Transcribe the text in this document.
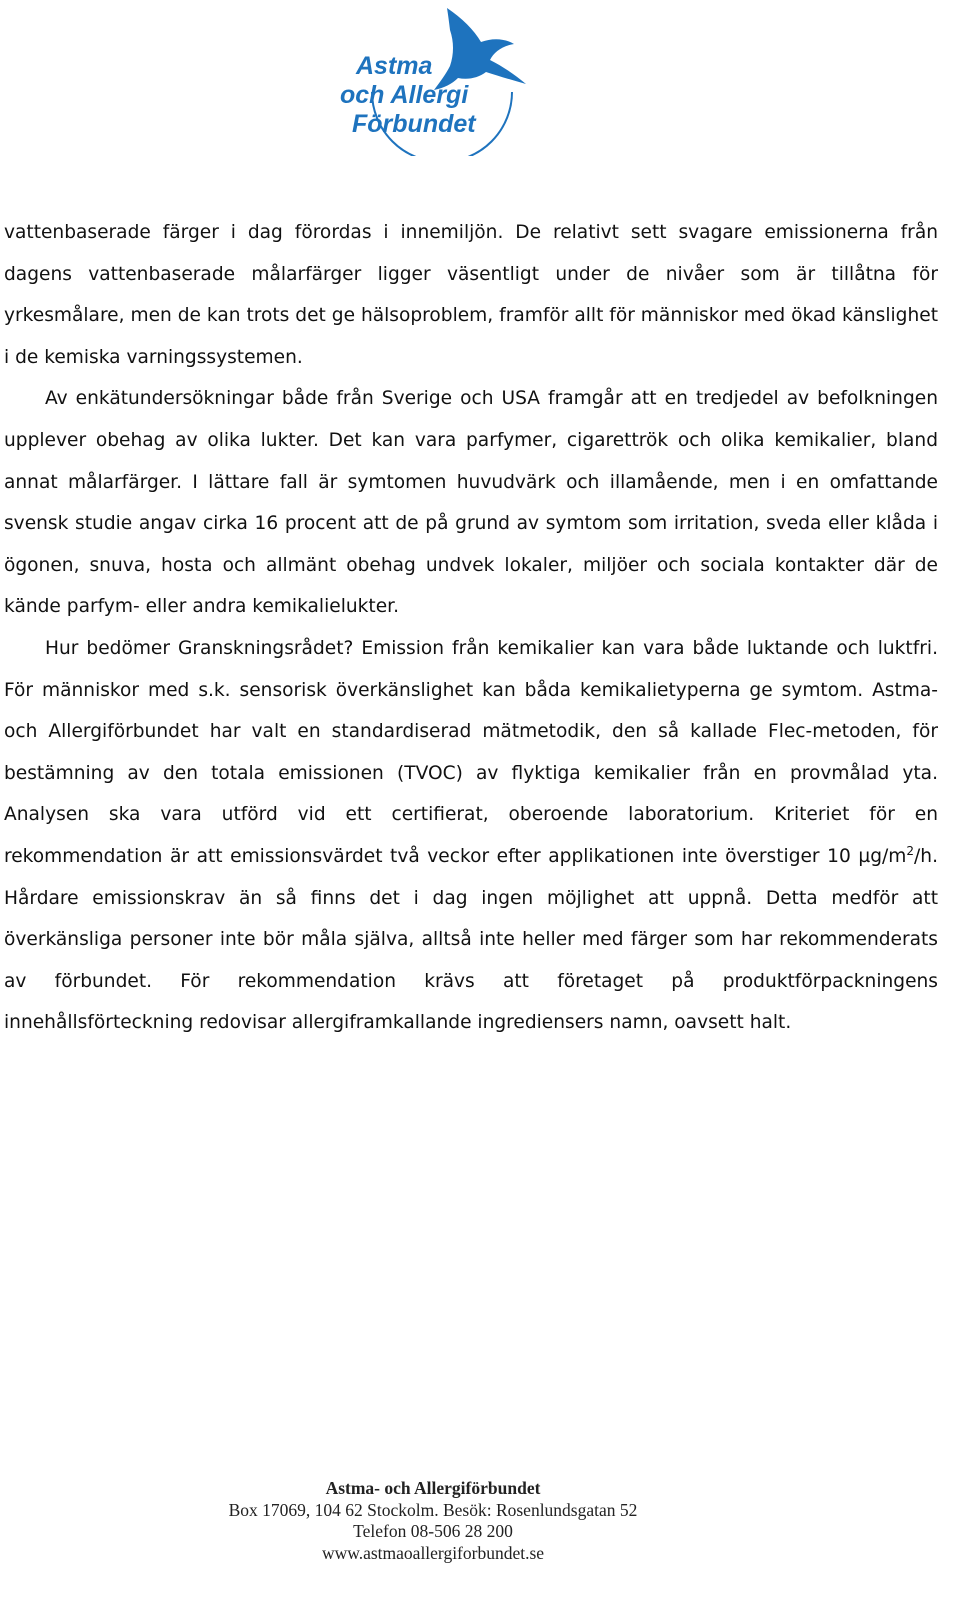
Astma
och Allergi
Förbundet

vattenbaserade färger i dag förordas i innemiljön. De relativt sett svagare emissionerna från dagens vattenbaserade målarfärger ligger väsentligt under de nivåer som är tillåtna för yrkesmålare, men de kan trots det ge hälsoproblem, framför allt för människor med ökad känslighet i de kemiska varningssystemen.

Av enkätundersökningar både från Sverige och USA framgår att en tredjedel av befolkningen upplever obehag av olika lukter. Det kan vara parfymer, cigarettrök och olika kemikalier, bland annat målarfärger. I lättare fall är symtomen huvudvärk och illamående, men i en omfattande svensk studie angav cirka 16 procent att de på grund av symtom som irritation, sveda eller klåda i ögonen, snuva, hosta och allmänt obehag undvek lokaler, miljöer och sociala kontakter där de kände parfym- eller andra kemikalielukter.

Hur bedömer Granskningsrådet? Emission från kemikalier kan vara både luktande och luktfri. För människor med s.k. sensorisk överkänslighet kan båda kemikalietyperna ge symtom. Astma- och Allergiförbundet har valt en standardiserad mätmetodik, den så kallade Flec-metoden, för bestämning av den totala emissionen (TVOC) av flyktiga kemikalier från en provmålad yta. Analysen ska vara utförd vid ett certifierat, oberoende laboratorium. Kriteriet för en rekommendation är att emissionsvärdet två veckor efter applikationen inte överstiger 10 $\mu g/m^2/h$. Hårdare emissionskrav än så finns det i dag ingen möjlighet att uppnå. Detta medför att överkänsliga personer inte bör måla själva, alltså inte heller med färger som har rekommenderats av förbundet. För rekommendation krävs att företaget på produktförpackningens innehållsförteckning redovisar allergiframkallande ingrediensers namn, oavsett halt.

Astma- och Allergiförbundet
Box 17069, 104 62 Stockolm. Besök: Rosenlundsgatan 52
Telefon 08-506 28 200
www.astmaoallergiforbundet.se
